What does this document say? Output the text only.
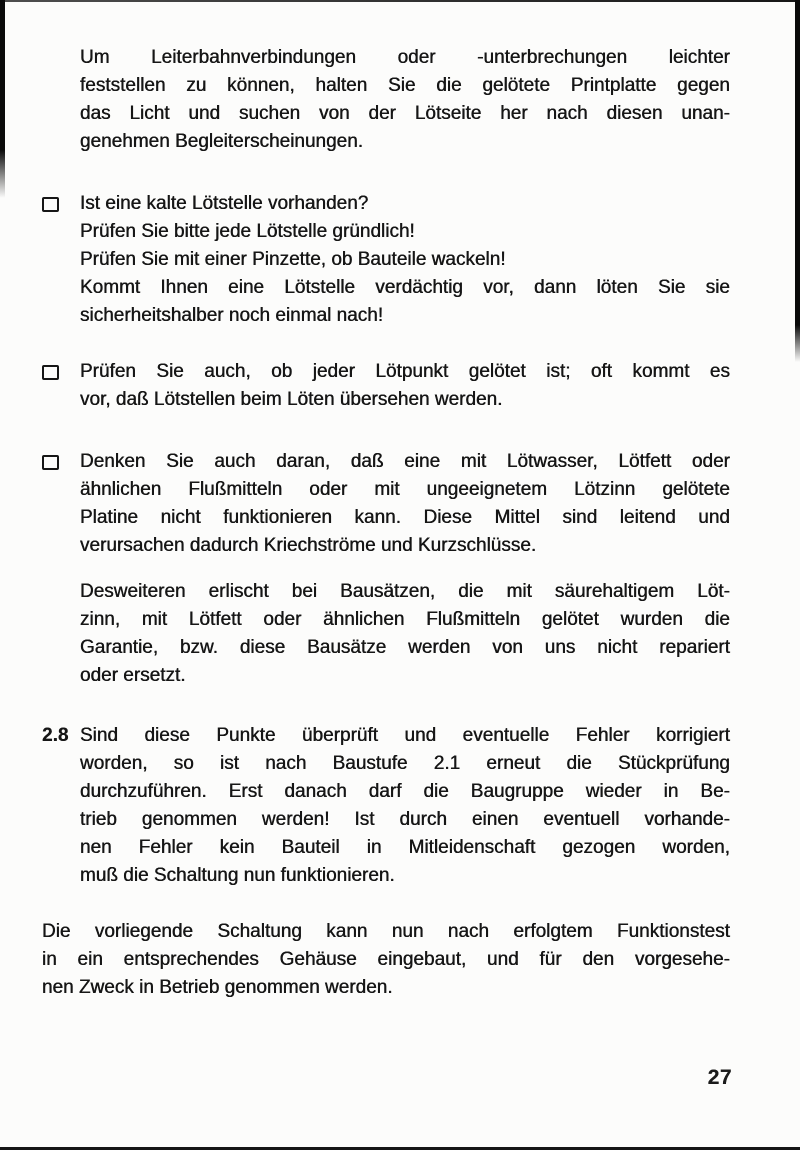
Um Leiterbahnverbindungen oder -unterbrechungen leichter
feststellen zu können, halten Sie die gelötete Printplatte gegen
das Licht und suchen von der Lötseite her nach diesen unan-
genehmen Begleiterscheinungen.
Ist eine kalte Lötstelle vorhanden?
Prüfen Sie bitte jede Lötstelle gründlich!
Prüfen Sie mit einer Pinzette, ob Bauteile wackeln!
Kommt Ihnen eine Lötstelle verdächtig vor, dann löten Sie sie
sicherheitshalber noch einmal nach!
Prüfen Sie auch, ob jeder Lötpunkt gelötet ist; oft kommt es
vor, daß Lötstellen beim Löten übersehen werden.
Denken Sie auch daran, daß eine mit Lötwasser, Lötfett oder
ähnlichen Flußmitteln oder mit ungeeignetem Lötzinn gelötete
Platine nicht funktionieren kann. Diese Mittel sind leitend und
verursachen dadurch Kriechströme und Kurzschlüsse.
Desweiteren erlischt bei Bausätzen, die mit säurehaltigem Löt-
zinn, mit Lötfett oder ähnlichen Flußmitteln gelötet wurden die
Garantie, bzw. diese Bausätze werden von uns nicht repariert
oder ersetzt.
2.8 Sind diese Punkte überprüft und eventuelle Fehler korrigiert
worden, so ist nach Baustufe 2.1 erneut die Stückprüfung
durchzuführen. Erst danach darf die Baugruppe wieder in Be-
trieb genommen werden! Ist durch einen eventuell vorhande-
nen Fehler kein Bauteil in Mitleidenschaft gezogen worden,
muß die Schaltung nun funktionieren.
Die vorliegende Schaltung kann nun nach erfolgtem Funktionstest
in ein entsprechendes Gehäuse eingebaut, und für den vorgesehe-
nen Zweck in Betrieb genommen werden.
27
